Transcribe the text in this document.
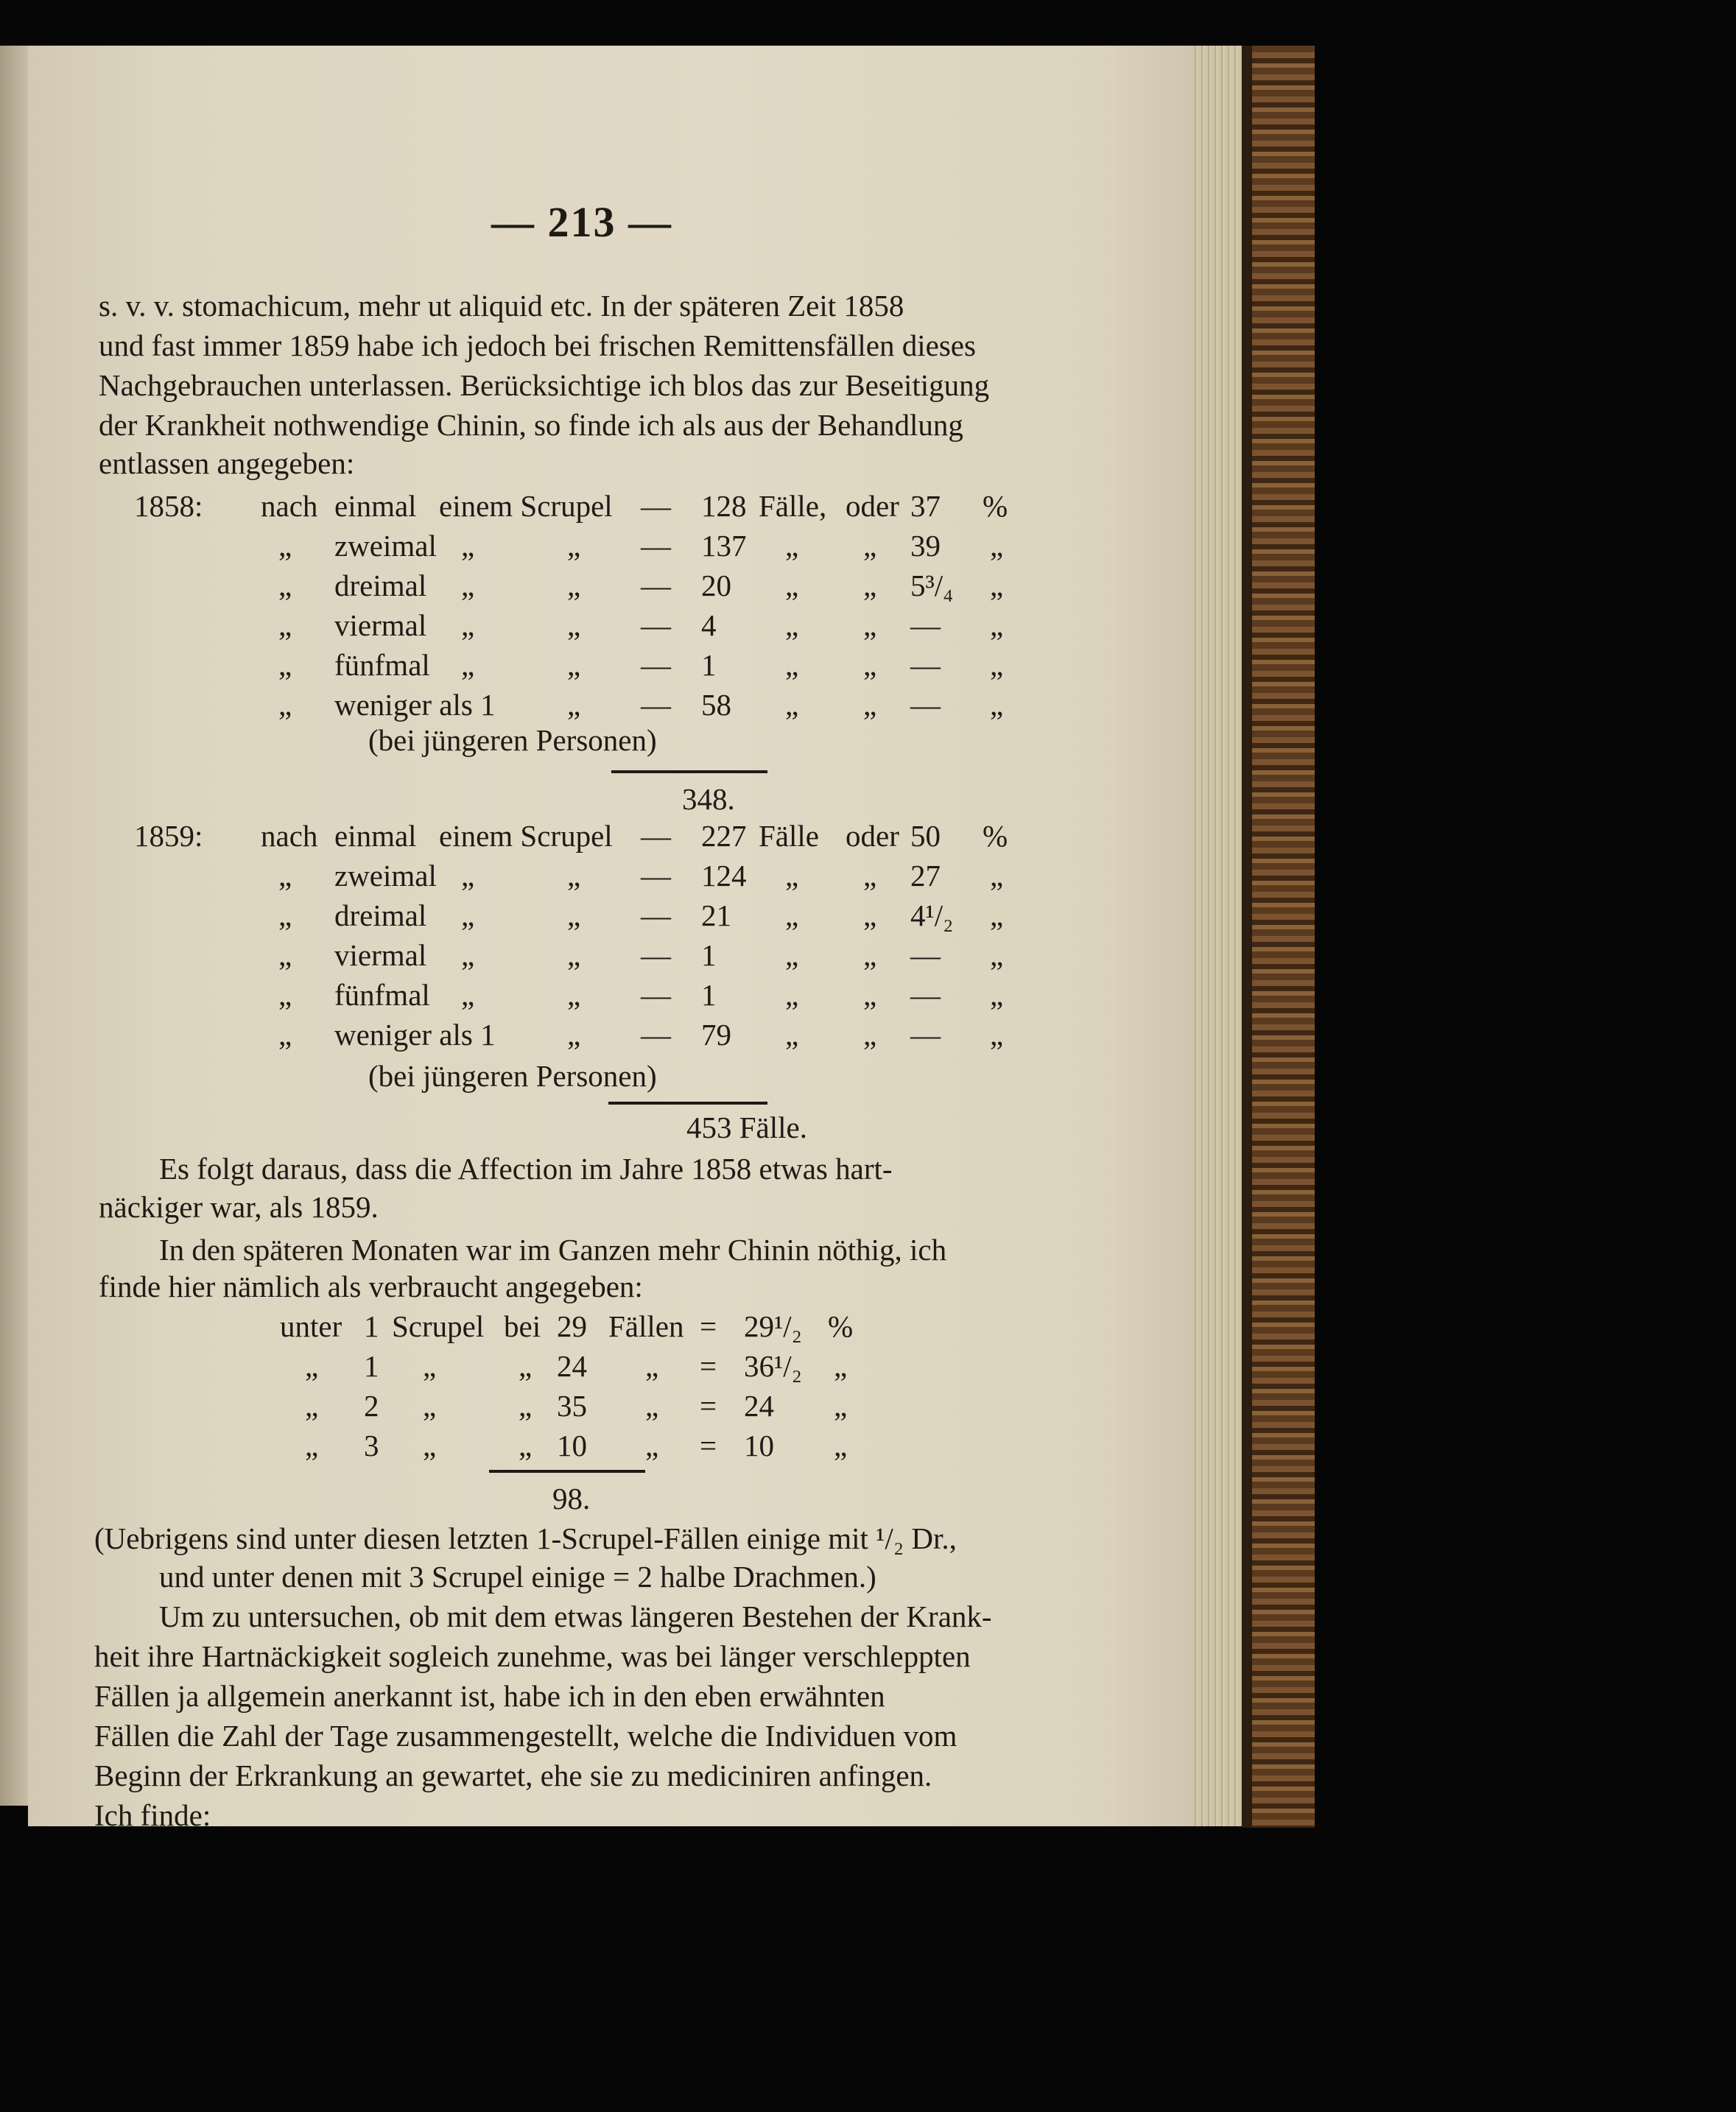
— 213 —
s. v. v. stomachicum, mehr ut aliquid etc. In der späteren Zeit 1858
und fast immer 1859 habe ich jedoch bei frischen Remittensfällen dieses
Nachgebrauchen unterlassen. Berücksichtige ich blos das zur Beseitigung
der Krankheit nothwendige Chinin, so finde ich als aus der Behandlung
entlassen angegeben:
1858: nach einmal einem Scrupel — 128 Fälle, oder 37 %
„ zweimal „	„ — 137 „ „ 39 „
„ dreimal „	„ — 20 „ „ 5³/₄ „
„ viermal „	„ — 4 „ „ — „
„ fünfmal „	„ — 1 „ „ — „
„ weniger als 1 „ — 58 „ „ — „
(bei jüngeren Personen)
348.
1859: nach einmal einem Scrupel — 227 Fälle oder 50 %
„ zweimal „	„ — 124 „ „ 27 „
„ dreimal „	„ — 21 „ „ 4¹/₂ „
„ viermal „	„ — 1 „ „ — „
„ fünfmal „	„ — 1 „ „ — „
„ weniger als 1 „ — 79 „ „ — „
(bei jüngeren Personen)
453 Fälle.
Es folgt daraus, dass die Affection im Jahre 1858 etwas hart-
näckiger war, als 1859.
In den späteren Monaten war im Ganzen mehr Chinin nöthig, ich
finde hier nämlich als verbraucht angegeben:
unter 1 Scrupel bei 29 Fällen = 29¹/₂ %
„ 1 „	„ 24 „ = 36¹/₂ „
„ 2 „	„ 35 „ = 24 „
„ 3 „	„ 10 „ = 10 „
98.
(Uebrigens sind unter diesen letzten 1-Scrupel-Fällen einige mit ¹/₂ Dr.,
und unter denen mit 3 Scrupel einige = 2 halbe Drachmen.)
Um zu untersuchen, ob mit dem etwas längeren Bestehen der Krank-
heit ihre Hartnäckigkeit sogleich zunehme, was bei länger verschleppten
Fällen ja allgemein anerkannt ist, habe ich in den eben erwähnten
Fällen die Zahl der Tage zusammengestellt, welche die Individuen vom
Beginn der Erkrankung an gewartet, ehe sie zu mediciniren anfingen.
Ich finde:
